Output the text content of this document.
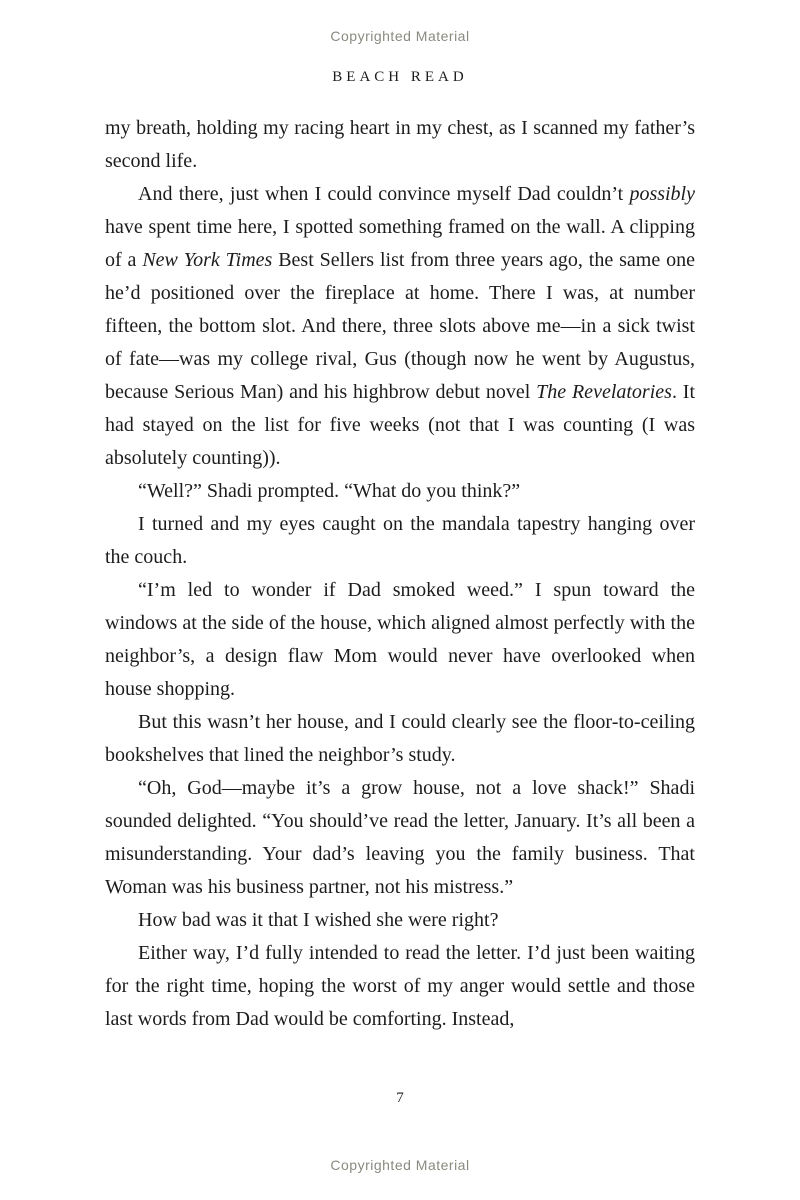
Copyrighted Material
BEACH READ

my breath, holding my racing heart in my chest, as I scanned my father’s second life.

And there, just when I could convince myself Dad couldn’t possibly have spent time here, I spotted something framed on the wall. A clipping of a New York Times Best Sellers list from three years ago, the same one he’d positioned over the fireplace at home. There I was, at number fifteen, the bottom slot. And there, three slots above me—in a sick twist of fate—was my college rival, Gus (though now he went by Augustus, because Serious Man) and his highbrow debut novel The Revelatories. It had stayed on the list for five weeks (not that I was counting (I was absolutely counting)).

“Well?” Shadi prompted. “What do you think?”

I turned and my eyes caught on the mandala tapestry hanging over the couch.

“I’m led to wonder if Dad smoked weed.” I spun toward the windows at the side of the house, which aligned almost perfectly with the neighbor’s, a design flaw Mom would never have overlooked when house shopping.

But this wasn’t her house, and I could clearly see the floor-to-ceiling bookshelves that lined the neighbor’s study.

“Oh, God—maybe it’s a grow house, not a love shack!” Shadi sounded delighted. “You should’ve read the letter, January. It’s all been a misunderstanding. Your dad’s leaving you the family business. That Woman was his business partner, not his mistress.”

How bad was it that I wished she were right?

Either way, I’d fully intended to read the letter. I’d just been waiting for the right time, hoping the worst of my anger would settle and those last words from Dad would be comforting. Instead,

7
Copyrighted Material
